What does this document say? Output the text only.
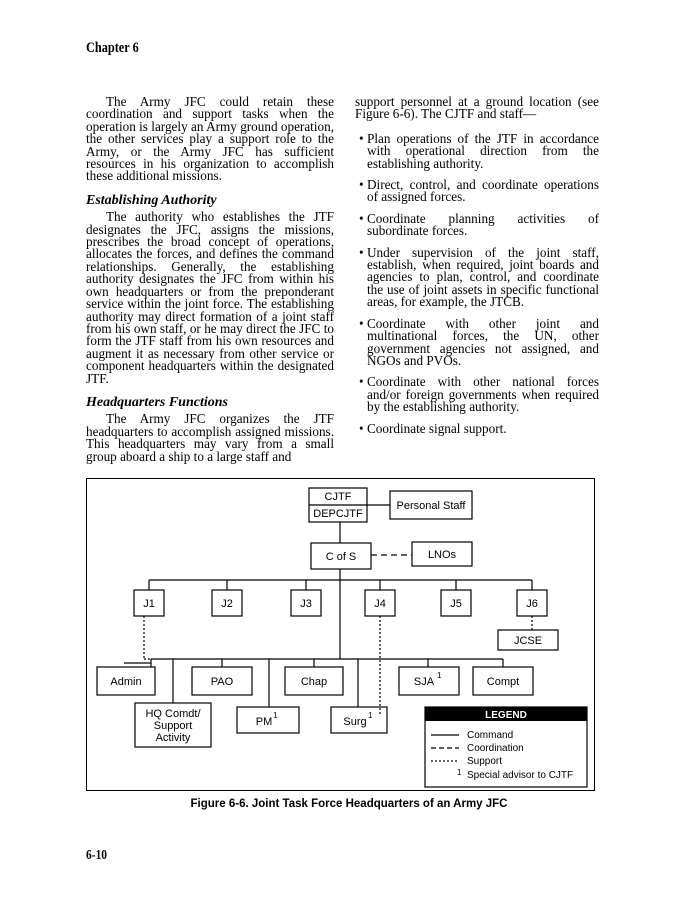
Chapter 6

The Army JFC could retain these coordination and support tasks when the operation is largely an Army ground operation, the other services play a support role to the Army, or the Army JFC has sufficient resources in his organization to accomplish these additional missions.

Establishing Authority

The authority who establishes the JTF designates the JFC, assigns the missions, prescribes the broad concept of operations, allocates the forces, and defines the command relationships. Generally, the establishing authority designates the JFC from within his own headquarters or from the preponderant service within the joint force. The establishing authority may direct formation of a joint staff from his own staff, or he may direct the JFC to form the JTF staff from his own resources and augment it as necessary from other service or component headquarters within the designated JTF.

Headquarters Functions

The Army JFC organizes the JTF headquarters to accomplish assigned missions. This headquarters may vary from a small group aboard a ship to a large staff and

support personnel at a ground location (see Figure 6-6). The CJTF and staff—

• Plan operations of the JTF in accordance with operational direction from the establishing authority.
• Direct, control, and coordinate operations of assigned forces.
• Coordinate planning activities of subordinate forces.
• Under supervision of the joint staff, establish, when required, joint boards and agencies to plan, control, and coordinate the use of joint assets in specific functional areas, for example, the JTCB.
• Coordinate with other joint and multinational forces, the UN, other government agencies not assigned, and NGOs and PVOs.
• Coordinate with other national forces and/or foreign governments when required by the establishing authority.
• Coordinate signal support.
CJTF
DEPCJTF
Personal Staff
C of S	LNOs
J1	J2	J3	J4	J5	J6
JCSE
Admin	PAO	Chap	SJA	Compt
HQ Comdt/
Support
Activity
PM	Surg
1
1	1	LEGEND
Command
Coordination
Support
1 Special advisor to CJTF
Figure 6-6. Joint Task Force Headquarters of an Army JFC
6-10
